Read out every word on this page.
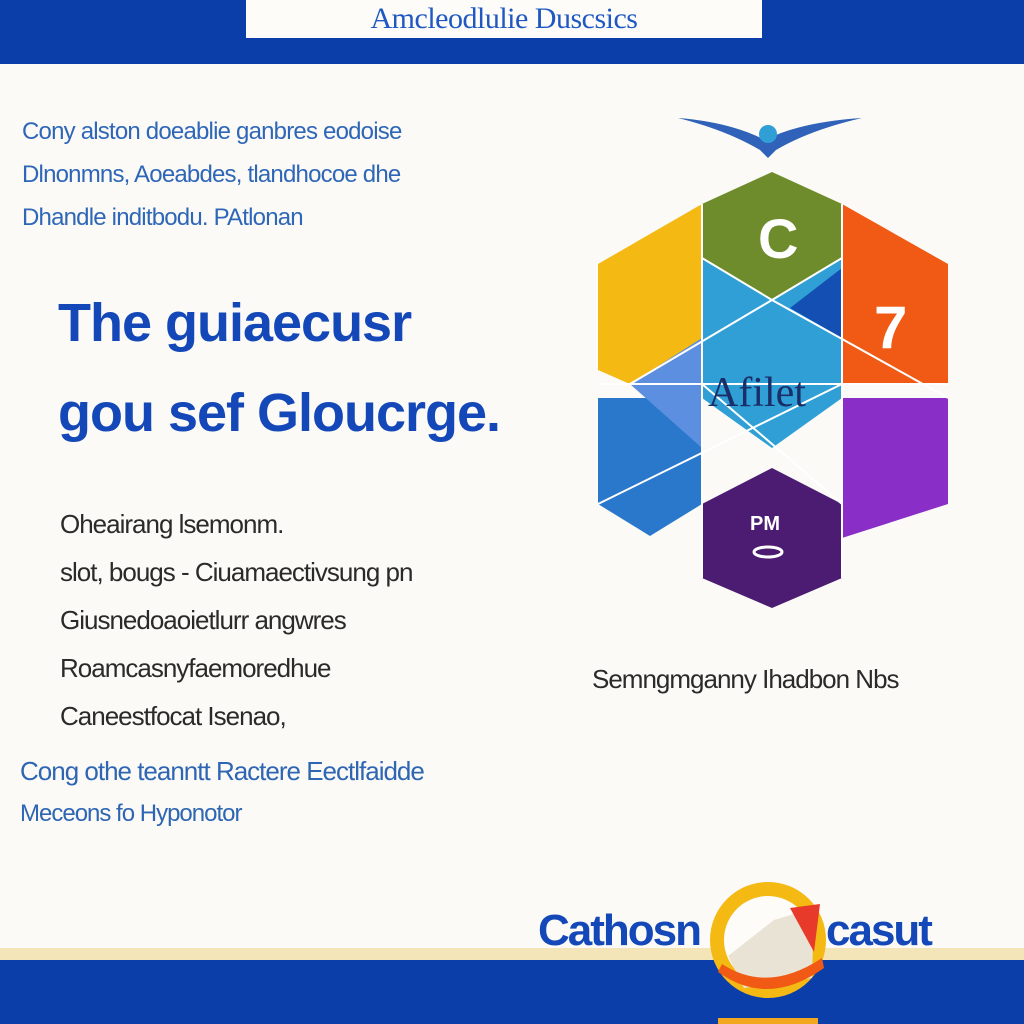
Amcleodlulie Duscsics
Cony alston doeablie ganbres eodoise
Dlnonmns, Aoeabdes, tlandhocoe dhe
Dhandle inditbodu. PAtlonan
The guiaecusr
gou sef Gloucrge.
Oheairang lsemonm.
slot, bougs - Ciuamaectivsung pn
Giusnedoaoietlurr angwres
Roamcasnyfaemoredhue
Caneestfocat Isenao,
Cong othe teanntt Ractere Eectlfaidde
Meceons fo Hyponotor
C
7
Afilet
PM
Semngmganny Ihadbon Nbs
Cathosn	casut
